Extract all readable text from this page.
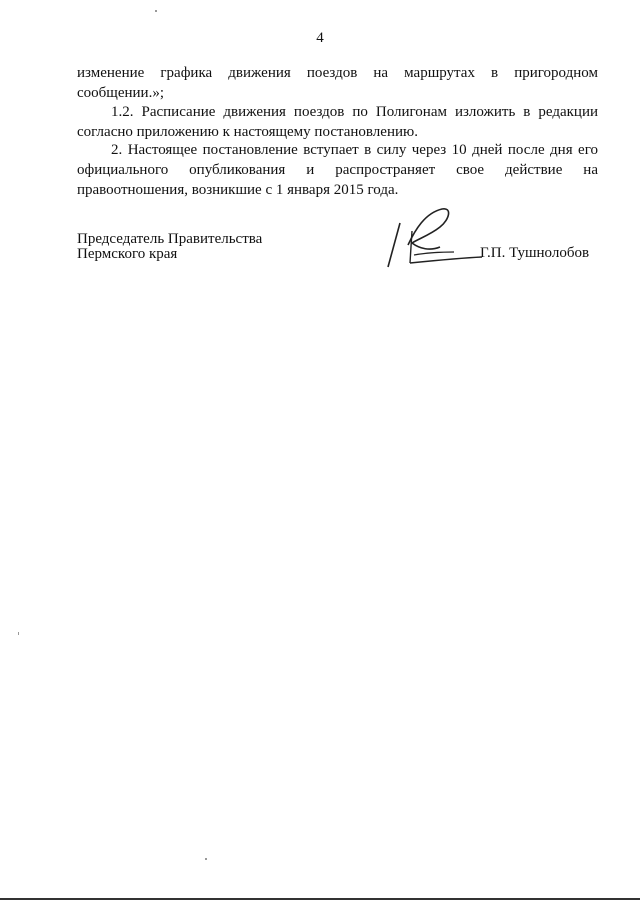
4
изменение графика движения поездов на маршрутах в пригородном сообщении.»;
1.2. Расписание движения поездов по Полигонам изложить в редакции согласно приложению к настоящему постановлению.
2. Настоящее постановление вступает в силу через 10 дней после дня его официального опубликования и распространяет свое действие на правоотношения, возникшие с 1 января 2015 года.
Председатель Правительства
Пермского края	Г.П. Тушнолобов
